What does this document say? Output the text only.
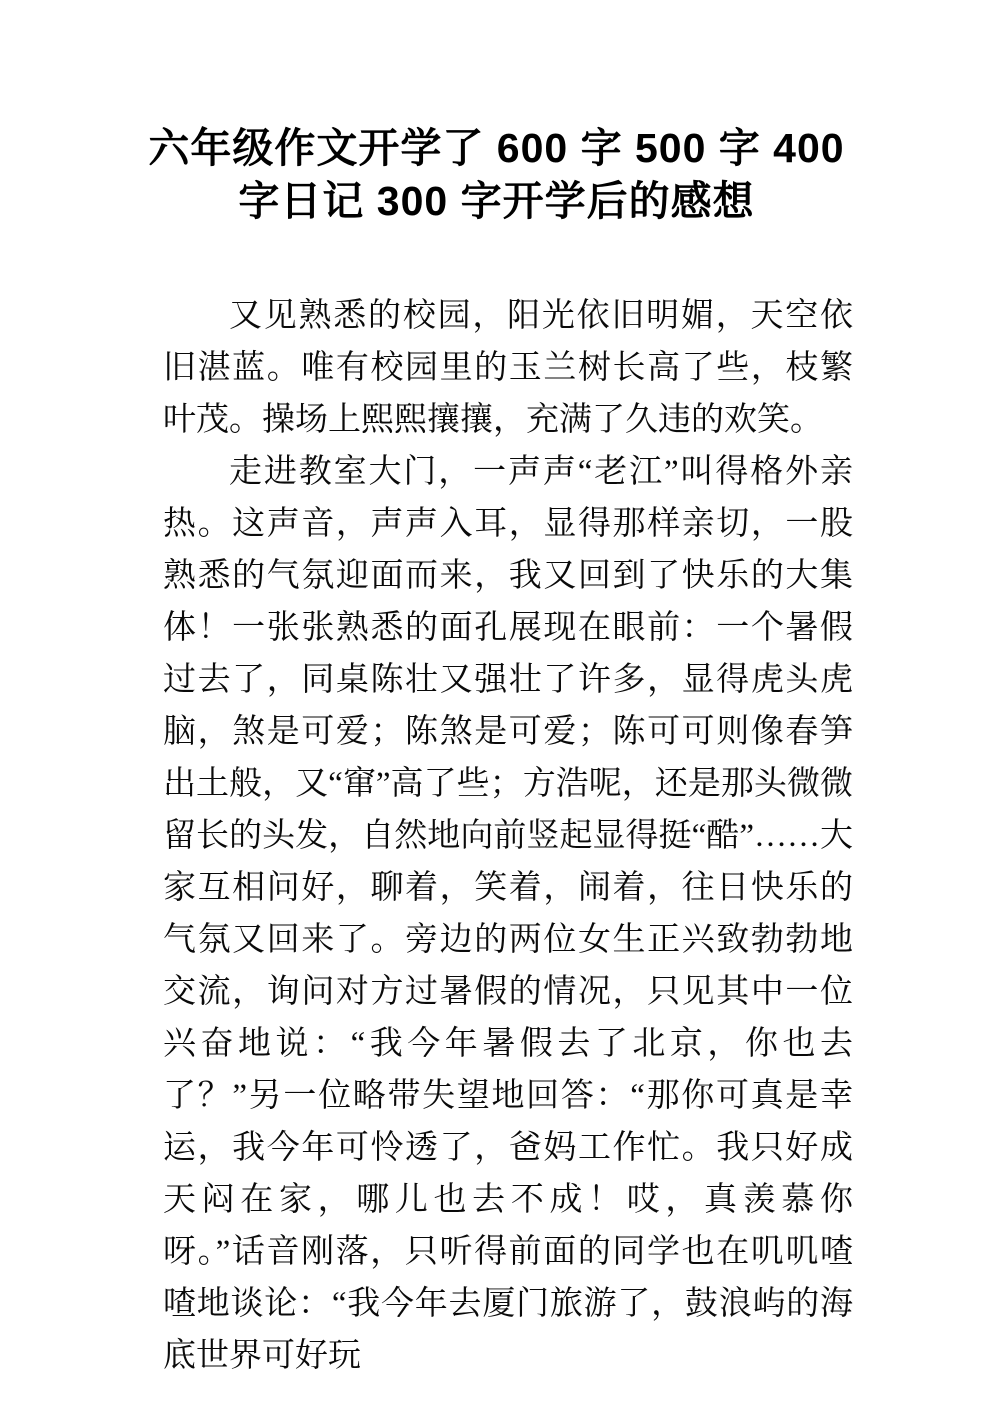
六年级作文开学了 600 字 500 字 400
字日记 300 字开学后的感想

又见熟悉的校园，阳光依旧明媚，天空依旧湛蓝。唯有校园里的玉兰树长高了些，枝繁叶茂。操场上熙熙攘攘，充满了久违的欢笑。

走进教室大门，一声声“老江”叫得格外亲热。这声音，声声入耳，显得那样亲切，一股熟悉的气氛迎面而来，我又回到了快乐的大集体！一张张熟悉的面孔展现在眼前：一个暑假过去了，同桌陈壮又强壮了许多，显得虎头虎脑，煞是可爱；陈煞是可爱；陈可可则像春笋出土般，又“窜”高了些；方浩呢，还是那头微微留长的头发，自然地向前竖起显得挺“酷”……大家互相问好，聊着，笑着，闹着，往日快乐的气氛又回来了。旁边的两位女生正兴致勃勃地交流，询问对方过暑假的情况，只见其中一位兴奋地说：“我今年暑假去了北京，你也去了？”另一位略带失望地回答：“那你可真是幸运，我今年可怜透了，爸妈工作忙。我只好成天闷在家，哪儿也去不成！哎，真羡慕你呀。”话音刚落，只听得前面的同学也在叽叽喳喳地谈论：“我今年去厦门旅游了，鼓浪屿的海底世界可好玩
